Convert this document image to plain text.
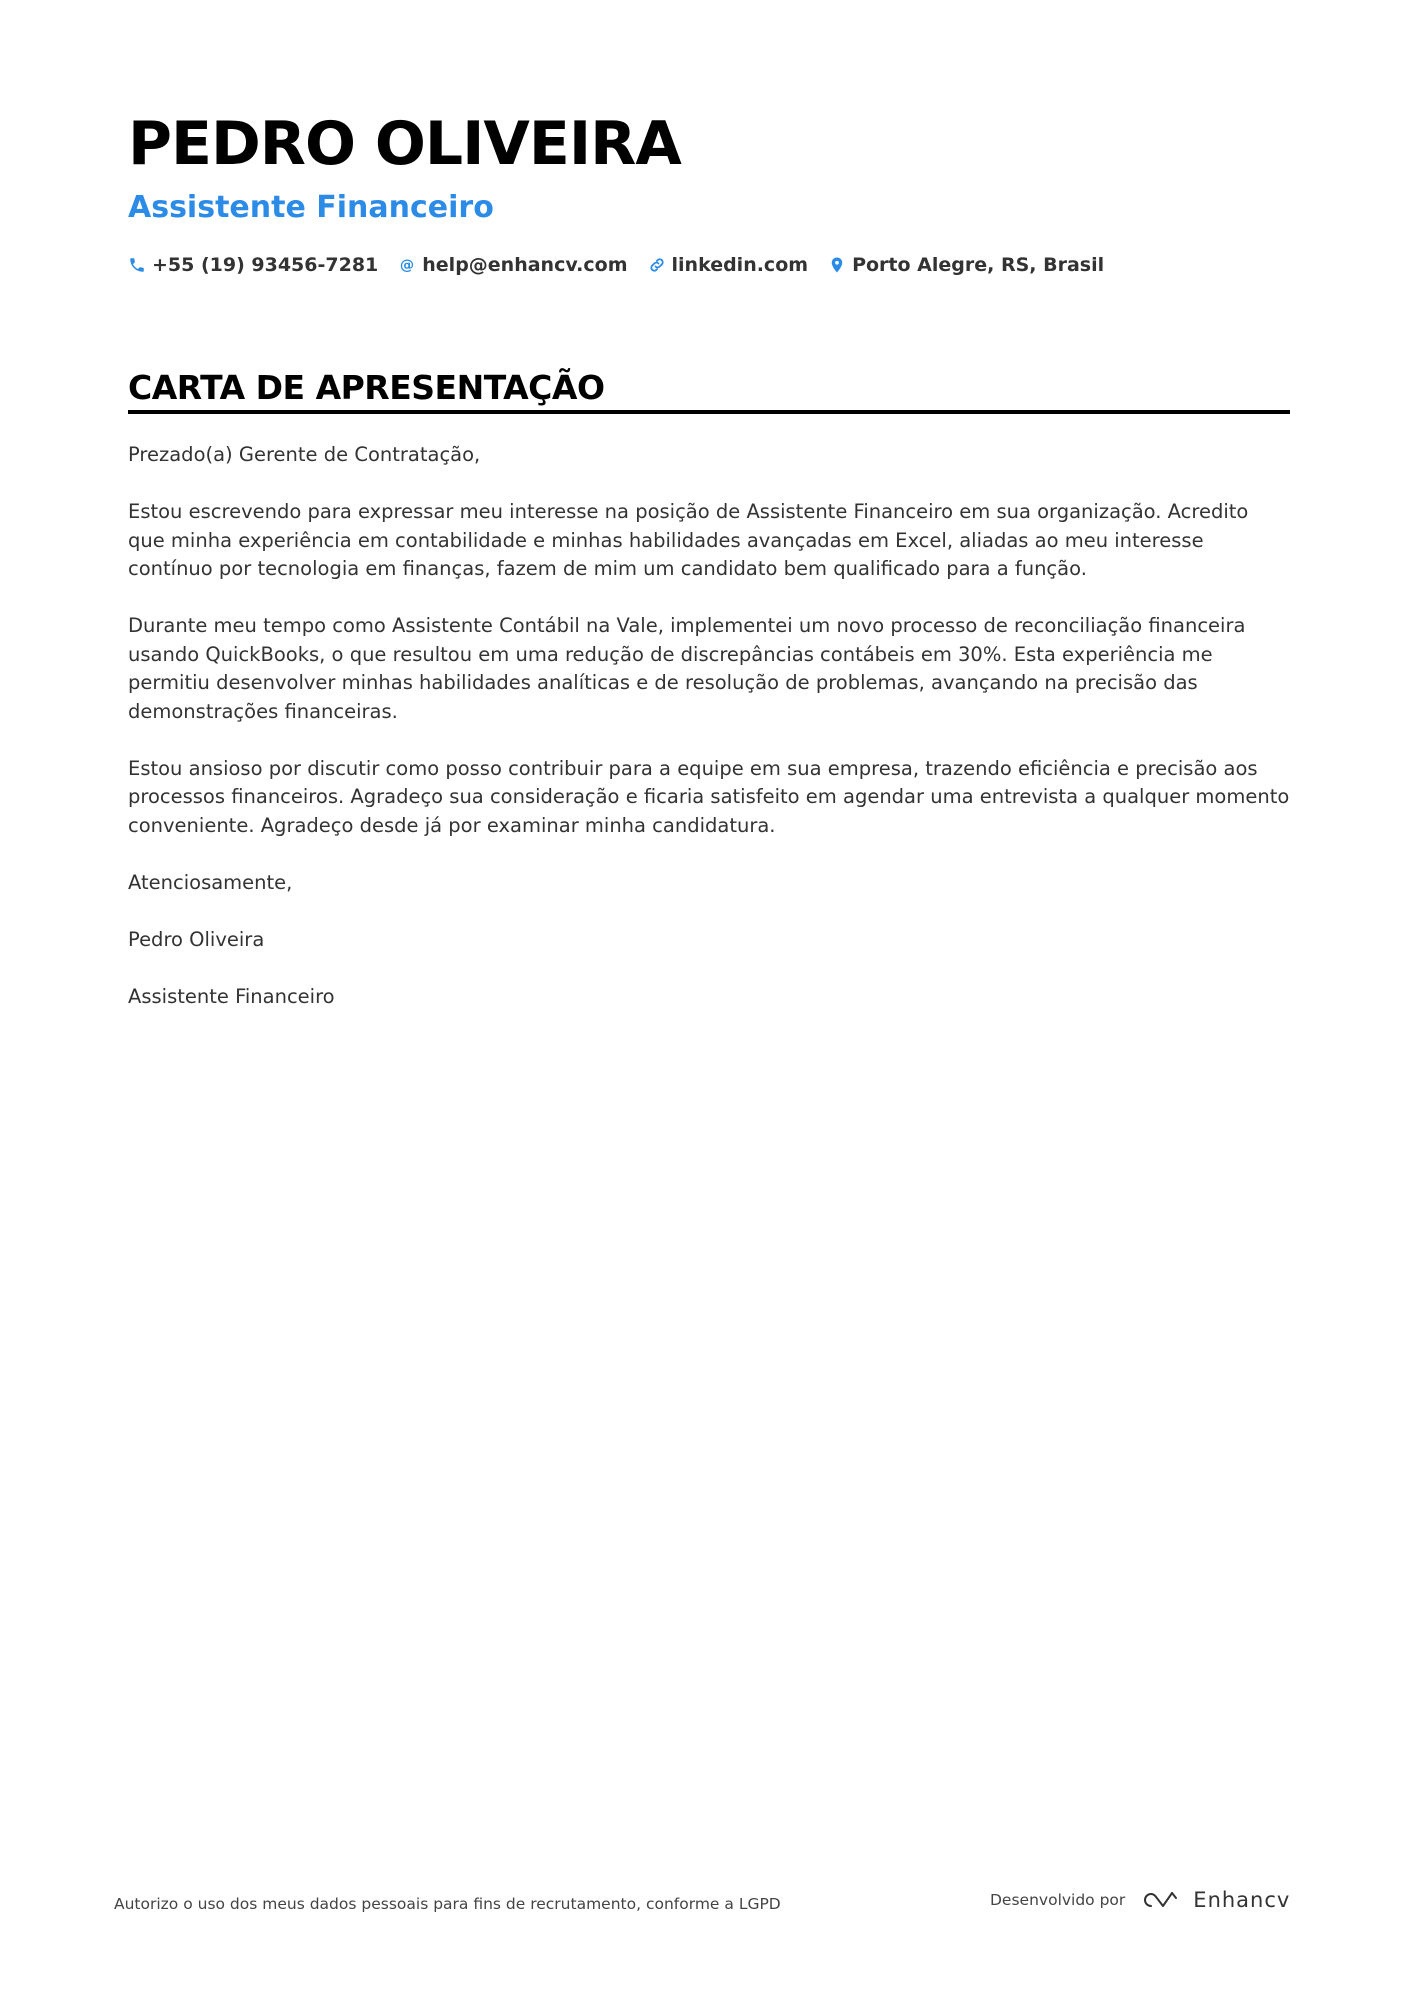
PEDRO OLIVEIRA
Assistente Financeiro
+55 (19) 93456-7281 @ help@enhancv.com linkedin.com Porto Alegre, RS, Brasil
CARTA DE APRESENTAÇÃO

Prezado(a) Gerente de Contratação,

Estou escrevendo para expressar meu interesse na posição de Assistente Financeiro em sua organização. Acredito que minha experiência em contabilidade e minhas habilidades avançadas em Excel, aliadas ao meu interesse contínuo por tecnologia em finanças, fazem de mim um candidato bem qualificado para a função.

Durante meu tempo como Assistente Contábil na Vale, implementei um novo processo de reconciliação financeira usando QuickBooks, o que resultou em uma redução de discrepâncias contábeis em 30%. Esta experiência me permitiu desenvolver minhas habilidades analíticas e de resolução de problemas, avançando na precisão das demonstrações financeiras.

Estou ansioso por discutir como posso contribuir para a equipe em sua empresa, trazendo eficiência e precisão aos processos financeiros. Agradeço sua consideração e ficaria satisfeito em agendar uma entrevista a qualquer momento conveniente. Agradeço desde já por examinar minha candidatura.

Atenciosamente,

Pedro Oliveira

Assistente Financeiro

Autorizo o uso dos meus dados pessoais para fins de recrutamento, conforme a LGPD	Desenvolvido por	Enhancv
